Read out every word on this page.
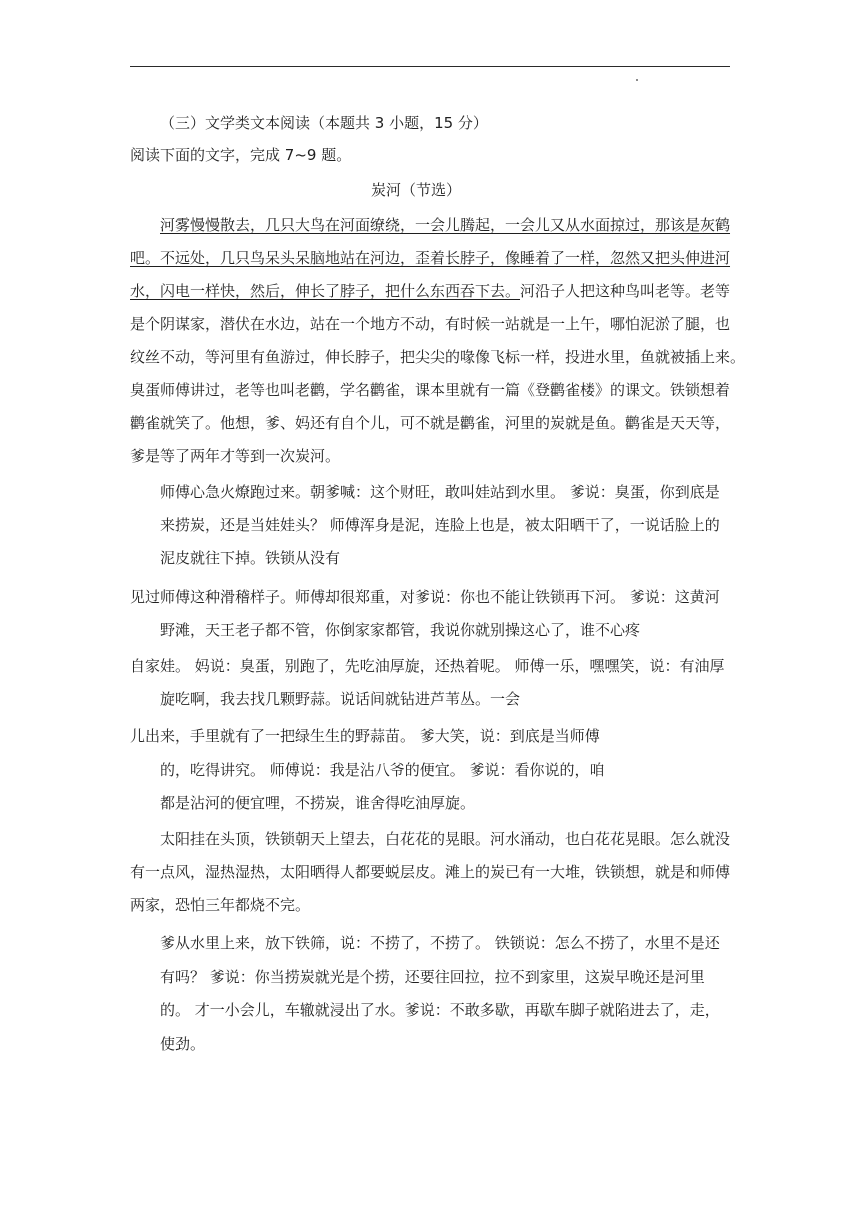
（三）文学类文本阅读（本题共 3 小题，15 分）
阅读下面的文字，完成 7~9 题。
炭河（节选）
河雾慢慢散去，几只大鸟在河面缭绕，一会儿腾起，一会儿又从水面掠过，那该是灰鹤
吧。不远处，几只鸟呆头呆脑地站在河边，歪着长脖子，像睡着了一样，忽然又把头伸进河
水，闪电一样快，然后，伸长了脖子，把什么东西吞下去。河沿子人把这种鸟叫老等。老等
是个阴谋家，潜伏在水边，站在一个地方不动，有时候一站就是一上午，哪怕泥淤了腿，也
纹丝不动，等河里有鱼游过，伸长脖子，把尖尖的喙像飞标一样，投进水里，鱼就被插上来。
臭蛋师傅讲过，老等也叫老鹳，学名鹳雀，课本里就有一篇《登鹳雀楼》的课文。铁锁想着
鹳雀就笑了。他想，爹、妈还有自个儿，可不就是鹳雀，河里的炭就是鱼。鹳雀是天天等，
爹是等了两年才等到一次炭河。
师傅心急火燎跑过来。朝爹喊：这个财旺，敢叫娃站到水里。 爹说：臭蛋，你到底是
来捞炭，还是当娃娃头？ 师傅浑身是泥，连脸上也是，被太阳晒干了，一说话脸上的
泥皮就往下掉。铁锁从没有
见过师傅这种滑稽样子。师傅却很郑重，对爹说：你也不能让铁锁再下河。 爹说：这黄河
野滩，天王老子都不管，你倒家家都管，我说你就别操这心了，谁不心疼
自家娃。 妈说：臭蛋，别跑了，先吃油厚旋，还热着呢。 师傅一乐，嘿嘿笑，说：有油厚
旋吃啊，我去找几颗野蒜。说话间就钻进芦苇丛。一会
儿出来，手里就有了一把绿生生的野蒜苗。 爹大笑，说：到底是当师傅
的，吃得讲究。 师傅说：我是沾八爷的便宜。 爹说：看你说的，咱
都是沾河的便宜哩，不捞炭，谁舍得吃油厚旋。
太阳挂在头顶，铁锁朝天上望去，白花花的晃眼。河水涌动，也白花花晃眼。怎么就没
有一点风，湿热湿热，太阳晒得人都要蜕层皮。滩上的炭已有一大堆，铁锁想，就是和师傅
两家，恐怕三年都烧不完。
爹从水里上来，放下铁筛，说：不捞了，不捞了。 铁锁说：怎么不捞了，水里不是还
有吗？ 爹说：你当捞炭就光是个捞，还要往回拉，拉不到家里，这炭早晚还是河里
的。 才一小会儿，车辙就浸出了水。爹说：不敢多歇，再歇车脚子就陷进去了，走，
使劲。
